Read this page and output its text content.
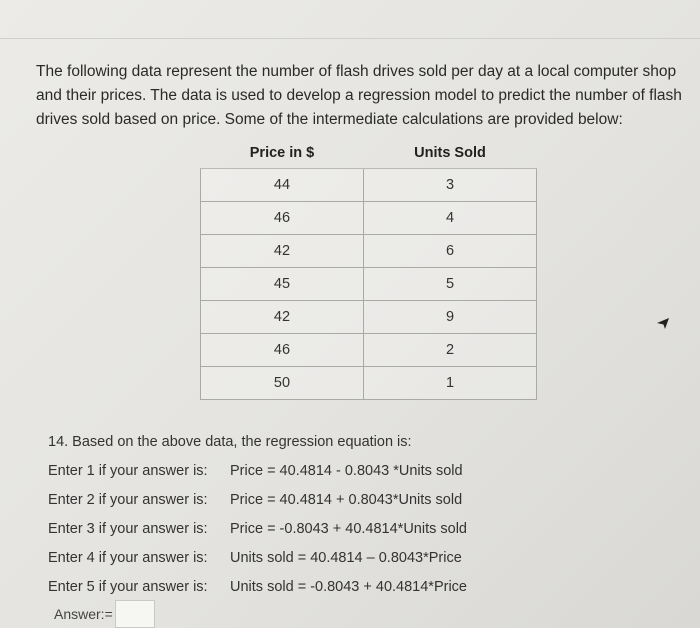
The following data represent the number of flash drives sold per day at a local computer shop and their prices. The data is used to develop a regression model to predict the number of flash drives sold based on price. Some of the intermediate calculations are provided below:
Price in $	Units Sold
44	3
46	4
42	6
45	5
42	9
46	2
50	1
14. Based on the above data, the regression equation is:
Enter 1 if your answer is:	Price = 40.4814 - 0.8043 *Units sold
Enter 2 if your answer is:	Price = 40.4814 + 0.8043*Units sold
Enter 3 if your answer is:	Price = -0.8043 + 40.4814*Units sold
Enter 4 if your answer is:	Units sold = 40.4814 – 0.8043*Price
Enter 5 if your answer is:	Units sold = -0.8043 + 40.4814*Price
Answer:=
